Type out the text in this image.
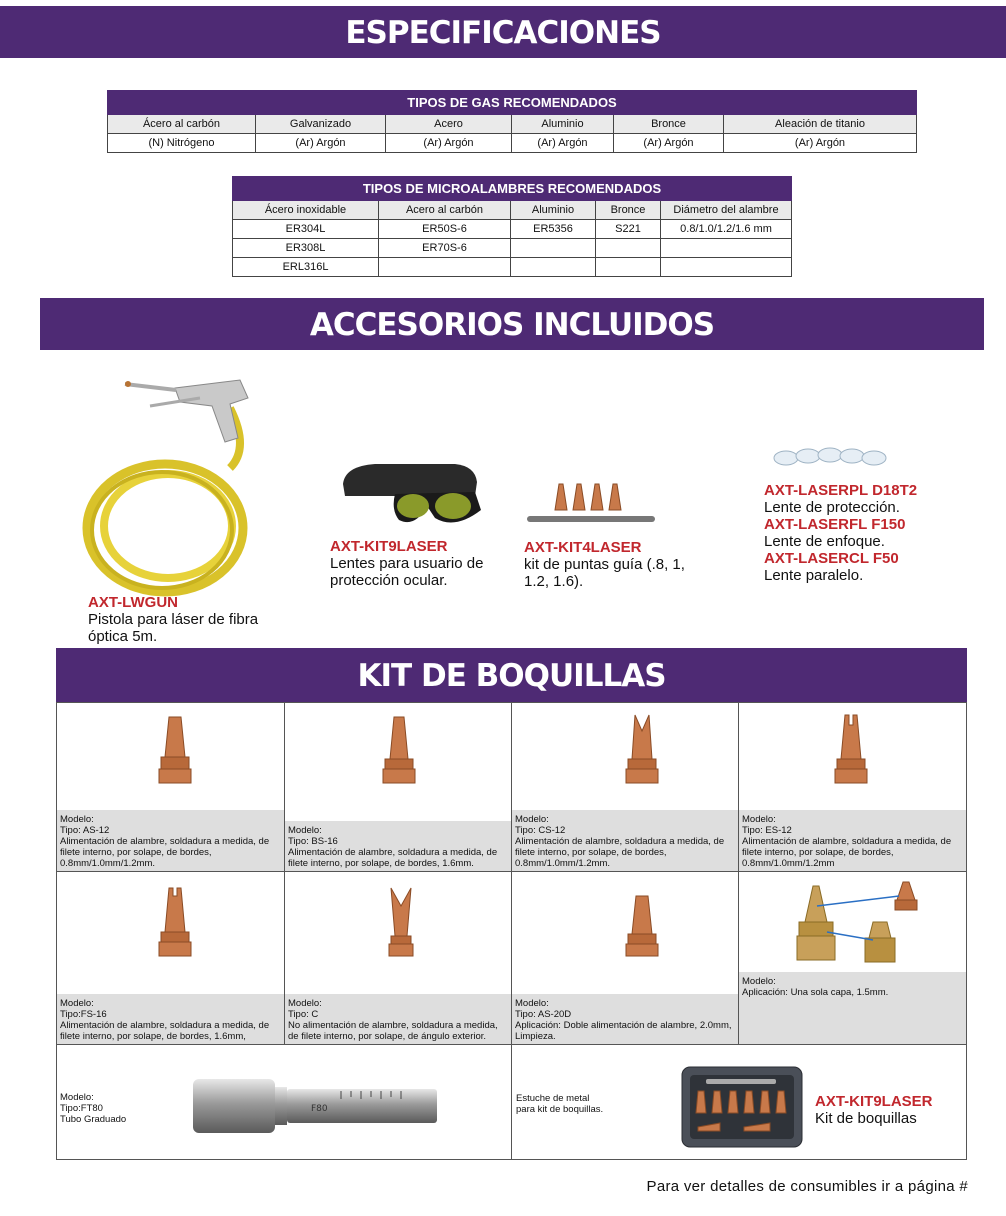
ESPECIFICACIONES
TIPOS DE GAS RECOMENDADOS					
Ácero al carbón	Galvanizado	Acero	Aluminio	Bronce	Aleación de titanio
(N) Nitrógeno	(Ar) Argón	(Ar) Argón	(Ar) Argón	(Ar) Argón	(Ar) Argón
TIPOS DE MICROALAMBRES RECOMENDADOS				
Ácero inoxidable	Acero al carbón	Aluminio	Bronce	Diámetro del alambre
ER304L	ER50S-6	ER5356	S221	0.8/1.0/1.2/1.6 mm
ER308L	ER70S-6			
ERL316L				
ACCESORIOS INCLUIDOS
AXT-LWGUN
Pistola para láser de fibra óptica 5m.
AXT-KIT9LASER
Lentes para usuario de protección ocular.
AXT-KIT4LASER
kit de puntas guía (.8, 1, 1.2, 1.6).
AXT-LASERPL D18T2
Lente de protección.
AXT-LASERFL F150
Lente de enfoque.
AXT-LASERCL F50
Lente paralelo.
KIT DE BOQUILLAS
Modelo:
Tipo: AS-12
Alimentación de alambre, soldadura a medida, de filete interno, por solape, de bordes, 0.8mm/1.0mm/1.2mm.
Modelo:
Tipo: BS-16
Alimentación de alambre, soldadura a medida, de filete interno, por solape, de bordes, 1.6mm.
Modelo:
Tipo: CS-12
Alimentación de alambre, soldadura a medida, de filete interno, por solape, de bordes, 0.8mm/1.0mm/1.2mm.
Modelo:
Tipo: ES-12
Alimentación de alambre, soldadura a medida, de filete interno, por solape, de bordes, 0.8mm/1.0mm/1.2mm
Modelo:
Tipo:FS-16
Alimentación de alambre, soldadura a medida, de filete interno, por solape, de bordes, 1.6mm,
Modelo:
Tipo: C
No alimentación de alambre, soldadura a medida, de filete interno, por solape, de ángulo exterior.
Modelo:
Tipo: AS-20D
Aplicación: Doble alimentación de alambre, 2.0mm, Limpieza.
Modelo:
Aplicación: Una sola capa, 1.5mm.
Modelo:
Tipo:FT80
Tubo Graduado
F80
Estuche de metal para kit de boquillas.	AXT-KIT9LASER
Kit de boquillas
Para ver detalles de consumibles ir a página #
